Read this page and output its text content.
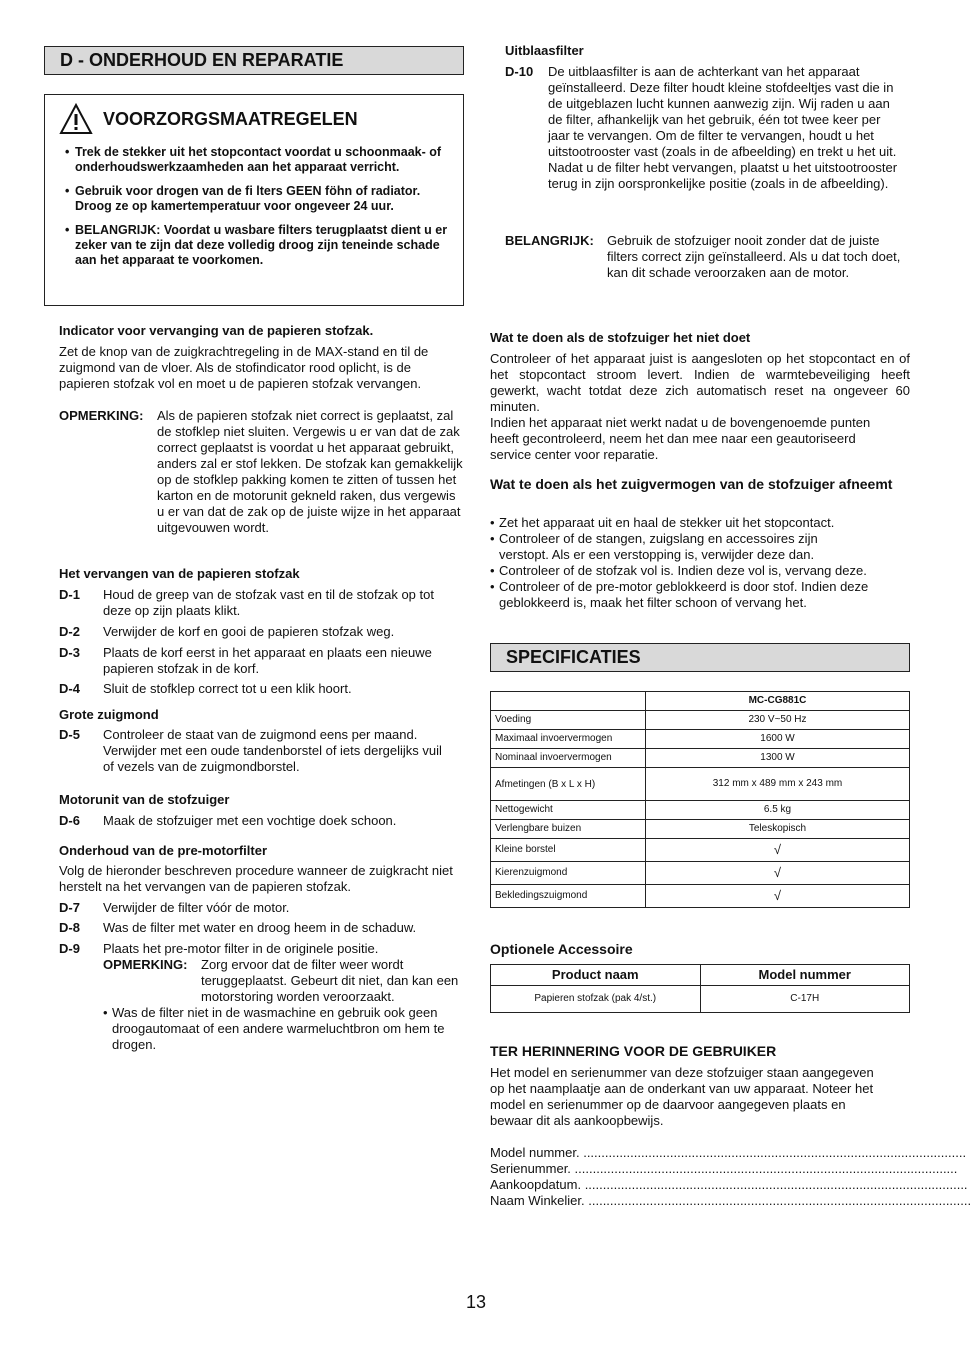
D - ONDERHOUD EN REPARATIE
VOORZORGSMAATREGELEN
• Trek de stekker uit het stopcontact voordat u schoonmaak- of onderhoudswerkzaamheden aan het apparaat verricht.
• Gebruik voor drogen van de fi lters GEEN föhn of radiator. Droog ze op kamertemperatuur voor ongeveer 24 uur.
• BELANGRIJK: Voordat u wasbare filters terugplaatst dient u er zeker van te zijn dat deze volledig droog zijn teneinde schade aan het apparaat te voorkomen.
Indicator voor vervanging van de papieren stofzak.
Zet de knop van de zuigkrachtregeling in de MAX-stand en til de zuigmond van de vloer. Als de stofindicator rood oplicht, is de papieren stofzak vol en moet u de papieren stofzak vervangen.
OPMERKING: Als de papieren stofzak niet correct is geplaatst, zal de stofklep niet sluiten. Vergewis u er van dat de zak correct geplaatst is voordat u het apparaat gebruikt, anders zal er stof lekken. De stofzak kan gemakkelijk op de stofklep pakking komen te zitten of tussen het karton en de motorunit gekneld raken, dus vergewis u er van dat de zak op de juiste wijze in het apparaat uitgevouwen wordt.
Het vervangen van de papieren stofzak
D-1 Houd de greep van de stofzak vast en til de stofzak op tot deze op zijn plaats klikt.
D-2 Verwijder de korf en gooi de papieren stofzak weg.
D-3 Plaats de korf eerst in het apparaat en plaats een nieuwe papieren stofzak in de korf.
D-4 Sluit de stofklep correct tot u een klik hoort.
Grote zuigmond
D-5 Controleer de staat van de zuigmond eens per maand. Verwijder met een oude tandenborstel of iets dergelijks vuil of vezels van de zuigmondborstel.
Motorunit van de stofzuiger
D-6 Maak de stofzuiger met een vochtige doek schoon.
Onderhoud van de pre-motorfilter
Volg de hieronder beschreven procedure wanneer de zuigkracht niet herstelt na het vervangen van de papieren stofzak.
D-7 Verwijder de filter vóór de motor.
D-8 Was de filter met water en droog heem in de schaduw.
D-9 Plaats het pre-motor filter in de originele positie.
OPMERKING: Zorg ervoor dat de filter weer wordt teruggeplaatst. Gebeurt dit niet, dan kan een motorstoring worden veroorzaakt.
• Was de filter niet in de wasmachine en gebruik ook geen droogautomaat of een andere warmeluchtbron om hem te drogen.
Uitblaasfilter
D-10 De uitblaasfilter is aan de achterkant van het apparaat geïnstalleerd. Deze filter houdt kleine stofdeeltjes vast die in de uitgeblazen lucht kunnen aanwezig zijn. Wij raden u aan de filter, afhankelijk van het gebruik, één tot twee keer per jaar te vervangen. Om de filter te vervangen, houdt u het uitstootrooster vast (zoals in de afbeelding) en trekt u het uit. Nadat u de filter hebt vervangen, plaatst u het uitstootrooster terug in zijn oorspronkelijke positie (zoals in de afbeelding).
BELANGRIJK: Gebruik de stofzuiger nooit zonder dat de juiste filters correct zijn geïnstalleerd. Als u dat toch doet, kan dit schade veroorzaken aan de motor.
Wat te doen als de stofzuiger het niet doet
Controleer of het apparaat juist is aangesloten op het stopcontact en of het stopcontact stroom levert. Indien de warmtebeveiliging heeft gewerkt, wacht totdat deze zich automatisch reset na ongeveer 60 minuten.
Indien het apparaat niet werkt nadat u de bovengenoemde punten heeft gecontroleerd, neem het dan mee naar een geautoriseerd service center voor reparatie.
Wat te doen als het zuigvermogen van de stofzuiger afneemt
• Zet het apparaat uit en haal de stekker uit het stopcontact.
• Controleer of de stangen, zuigslang en accessoires zijn verstopt. Als er een verstopping is, verwijder deze dan.
• Controleer of de stofzak vol is. Indien deze vol is, vervang deze.
• Controleer of de pre-motor geblokkeerd is door stof. Indien deze geblokkeerd is, maak het filter schoon of vervang het.
SPECIFICATIES
	MC-CG881C
Voeding	230 V~50 Hz
Maximaal invoervermogen	1600 W
Nominaal invoervermogen	1300 W
Afmetingen (B x L x H)	312 mm x 489 mm x 243 mm
Nettogewicht	6.5 kg
Verlengbare buizen	Teleskopisch
Kleine borstel	√
Kierenzuigmond	√
Bekledingszuigmond	√
Optionele Accessoire
Product naam	Model nummer
Papieren stofzak (pak 4/st.)	C-17H
TER HERINNERING VOOR DE GEBRUIKER
Het model en serienummer van deze stofzuiger staan aangegeven op het naamplaatje aan de onderkant van uw apparaat. Noteer het model en serienummer op de daarvoor aangegeven plaats en bewaar dit als aankoopbewijs.
Model nummer. ..........................................................................................................
Serienummer. ..........................................................................................................
Aankoopdatum. ..........................................................................................................
Naam Winkelier. ..........................................................................................................
13
